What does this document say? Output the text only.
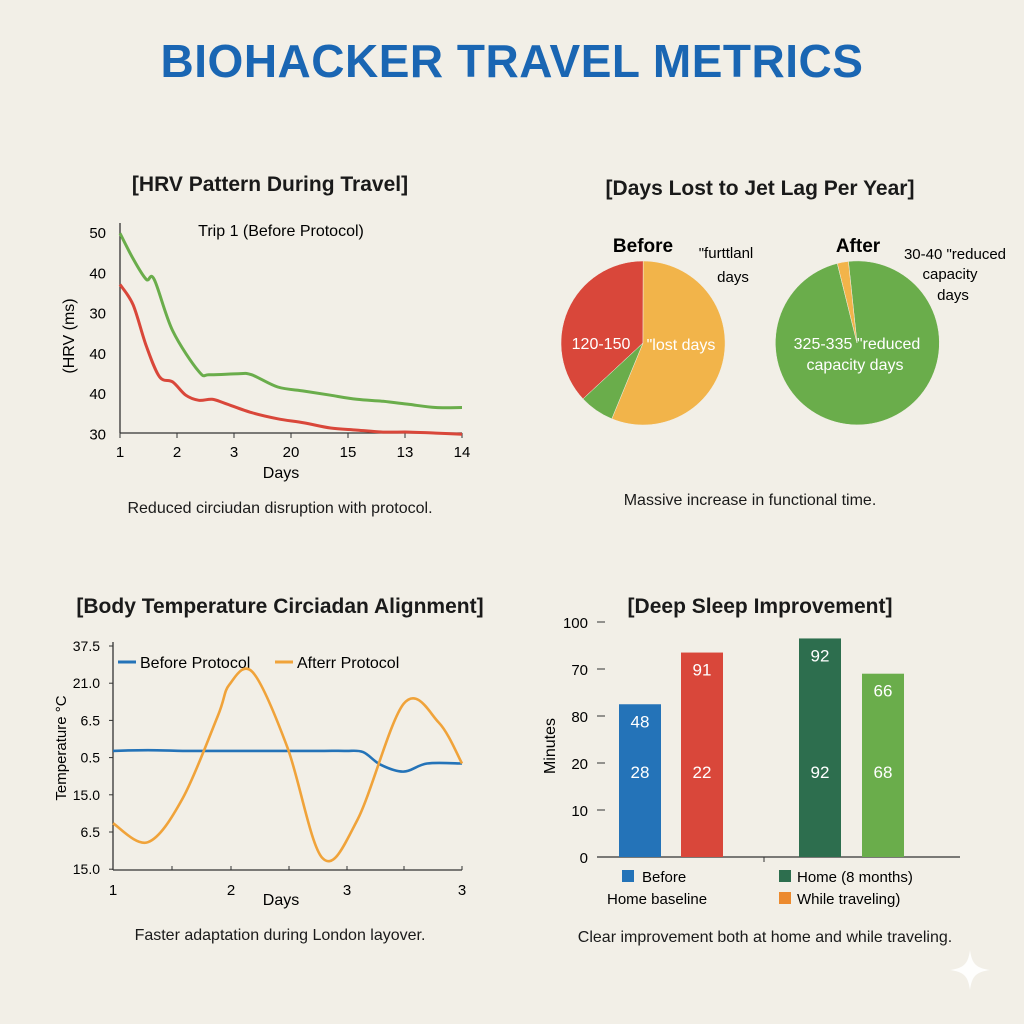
BIOHACKER TRAVEL METRICS
[HRV Pattern During Travel]	[Days Lost to Jet Lag Per Year]
[Body Temperature Circiadan Alignment]	[Deep Sleep Improvement]
Reduced circiudan disruption with protocol.	Massive increase in functional time.
Faster adaptation during London layover.	Clear improvement both at home and while traveling.
50
40
30
40
40
30
1	2	3	20	15	13	14
Days
(HRV (ms)
Trip 1 (Before Protocol)
Before	After
120-150 "lost days
"furttlanl
days
325-335 "reduced
capacity days
30-40 "reduced
capacity
days
37.5
21.0
6.5
0.5
15.0
6.5
15.0
1	2	3	3
Days
Temperature °C
Before Protocol	Afterr Protocol
100
70
80
20
10
0
Minutes	48
28
91
22
92
92
66
68
Before
Home baseline
Home (8 months)
While traveling)
